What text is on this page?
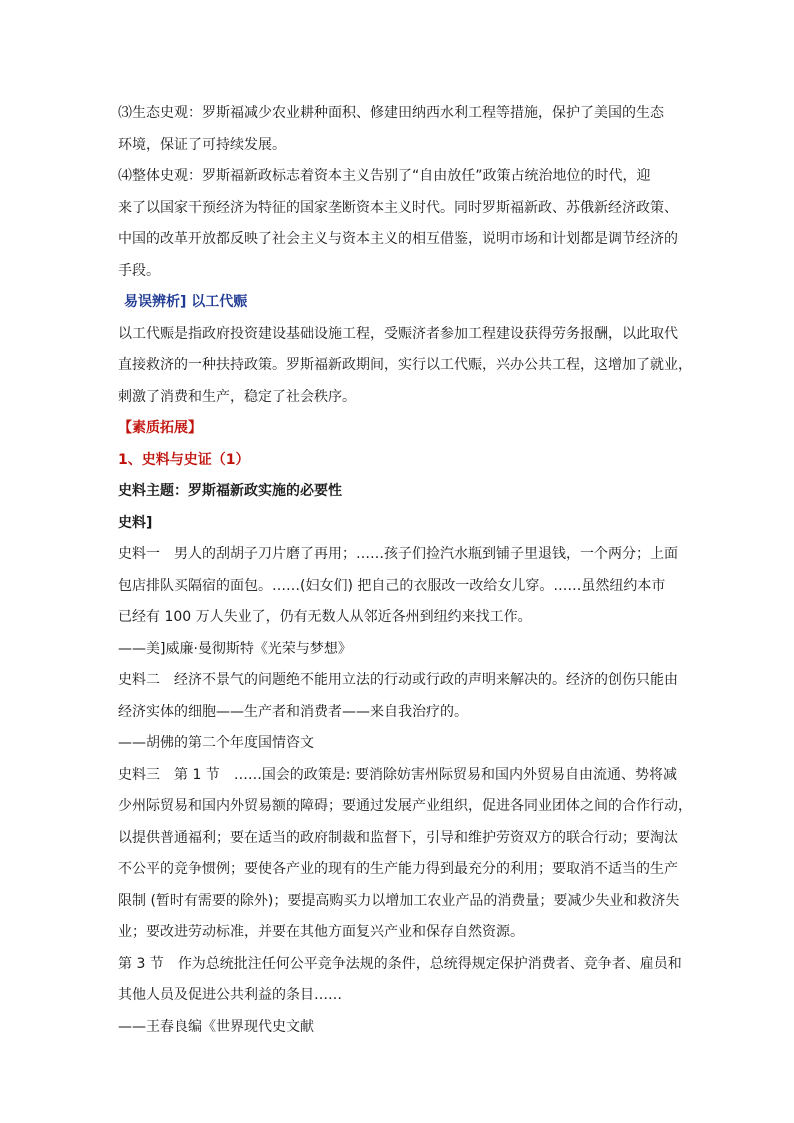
⑶生态史观：罗斯福减少农业耕种面积、修建田纳西水利工程等措施，保护了美国的生态

环境，保证了可持续发展。

⑷整体史观：罗斯福新政标志着资本主义告别了“自由放任”政策占统治地位的时代，迎

来了以国家干预经济为特征的国家垄断资本主义时代。同时罗斯福新政、苏俄新经济政策、

中国的改革开放都反映了社会主义与资本主义的相互借鉴，说明市场和计划都是调节经济的

手段。

易误辨析] 以工代赈

以工代赈是指政府投资建设基础设施工程，受赈济者参加工程建设获得劳务报酬，以此取代

直接救济的一种扶持政策。罗斯福新政期间，实行以工代赈，兴办公共工程，这增加了就业，

刺激了消费和生产，稳定了社会秩序。

【素质拓展】

1、史料与史证（1）

史料主题：罗斯福新政实施的必要性

史料]

史料一 男人的刮胡子刀片磨了再用；……孩子们捡汽水瓶到铺子里退钱，一个两分；上面

包店排队买隔宿的面包。……(妇女们) 把自己的衣服改一改给女儿穿。……虽然纽约本市

已经有 100 万人失业了，仍有无数人从邻近各州到纽约来找工作。

——美]威廉·曼彻斯特《光荣与梦想》

史料二 经济不景气的问题绝不能用立法的行动或行政的声明来解决的。经济的创伤只能由

经济实体的细胞——生产者和消费者——来自我治疗的。

——胡佛的第二个年度国情咨文

史料三 第 1 节 ……国会的政策是: 要消除妨害州际贸易和国内外贸易自由流通、势将减

少州际贸易和国内外贸易额的障碍；要通过发展产业组织，促进各同业团体之间的合作行动，

以提供普通福利；要在适当的政府制裁和监督下，引导和维护劳资双方的联合行动；要淘汰

不公平的竞争惯例；要使各产业的现有的生产能力得到最充分的利用；要取消不适当的生产

限制 (暂时有需要的除外)；要提高购买力以增加工农业产品的消费量；要减少失业和救济失

业；要改进劳动标准，并要在其他方面复兴产业和保存自然资源。

第 3 节 作为总统批注任何公平竞争法规的条件，总统得规定保护消费者、竞争者、雇员和

其他人员及促进公共利益的条目……

——王春良编《世界现代史文献
